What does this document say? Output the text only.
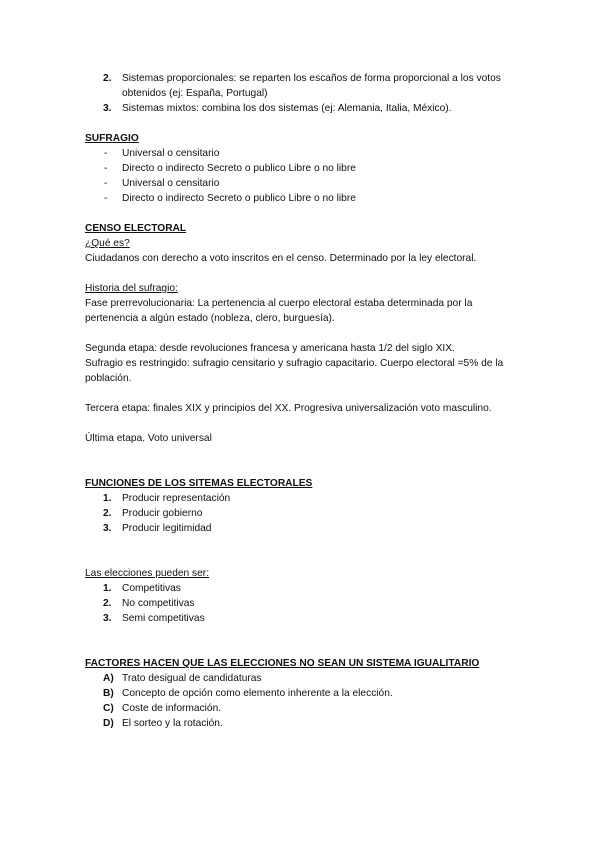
2. Sistemas proporcionales: se reparten los escaños de forma proporcional a los votos obtenidos (ej: España, Portugal)
3. Sistemas mixtos: combina los dos sistemas (ej: Alemania, Italia, México).

SUFRAGIO

- Universal o censitario
- Directo o indirecto Secreto o publico Libre o no libre
- Universal o censitario
- Directo o indirecto Secreto o publico Libre o no libre

CENSO ELECTORAL

¿Qué es?

Ciudadanos con derecho a voto inscritos en el censo. Determinado por la ley electoral.

Historia del sufragio:

Fase prerrevolucionaria: La pertenencia al cuerpo electoral estaba determinada por la pertenencia a algún estado (nobleza, clero, burguesía).

Segunda etapa: desde revoluciones francesa y americana hasta 1/2 del siglo XIX.

Sufragio es restringido: sufragio censitario y sufragio capacitario. Cuerpo electoral =5% de la población.

Tercera etapa: finales XIX y principios del XX. Progresiva universalización voto masculino.

Última etapa. Voto universal

FUNCIONES DE LOS SITEMAS ELECTORALES

1. Producir representación
2. Producir gobierno
3. Producir legitimidad

Las elecciones pueden ser:

1. Competitivas
2. No competitivas
3. Semi competitivas

FACTORES HACEN QUE LAS ELECCIONES NO SEAN UN SISTEMA IGUALITARIO

A) Trato desigual de candidaturas
B) Concepto de opción como elemento inherente a la elección.
C) Coste de información.
D) El sorteo y la rotación.
